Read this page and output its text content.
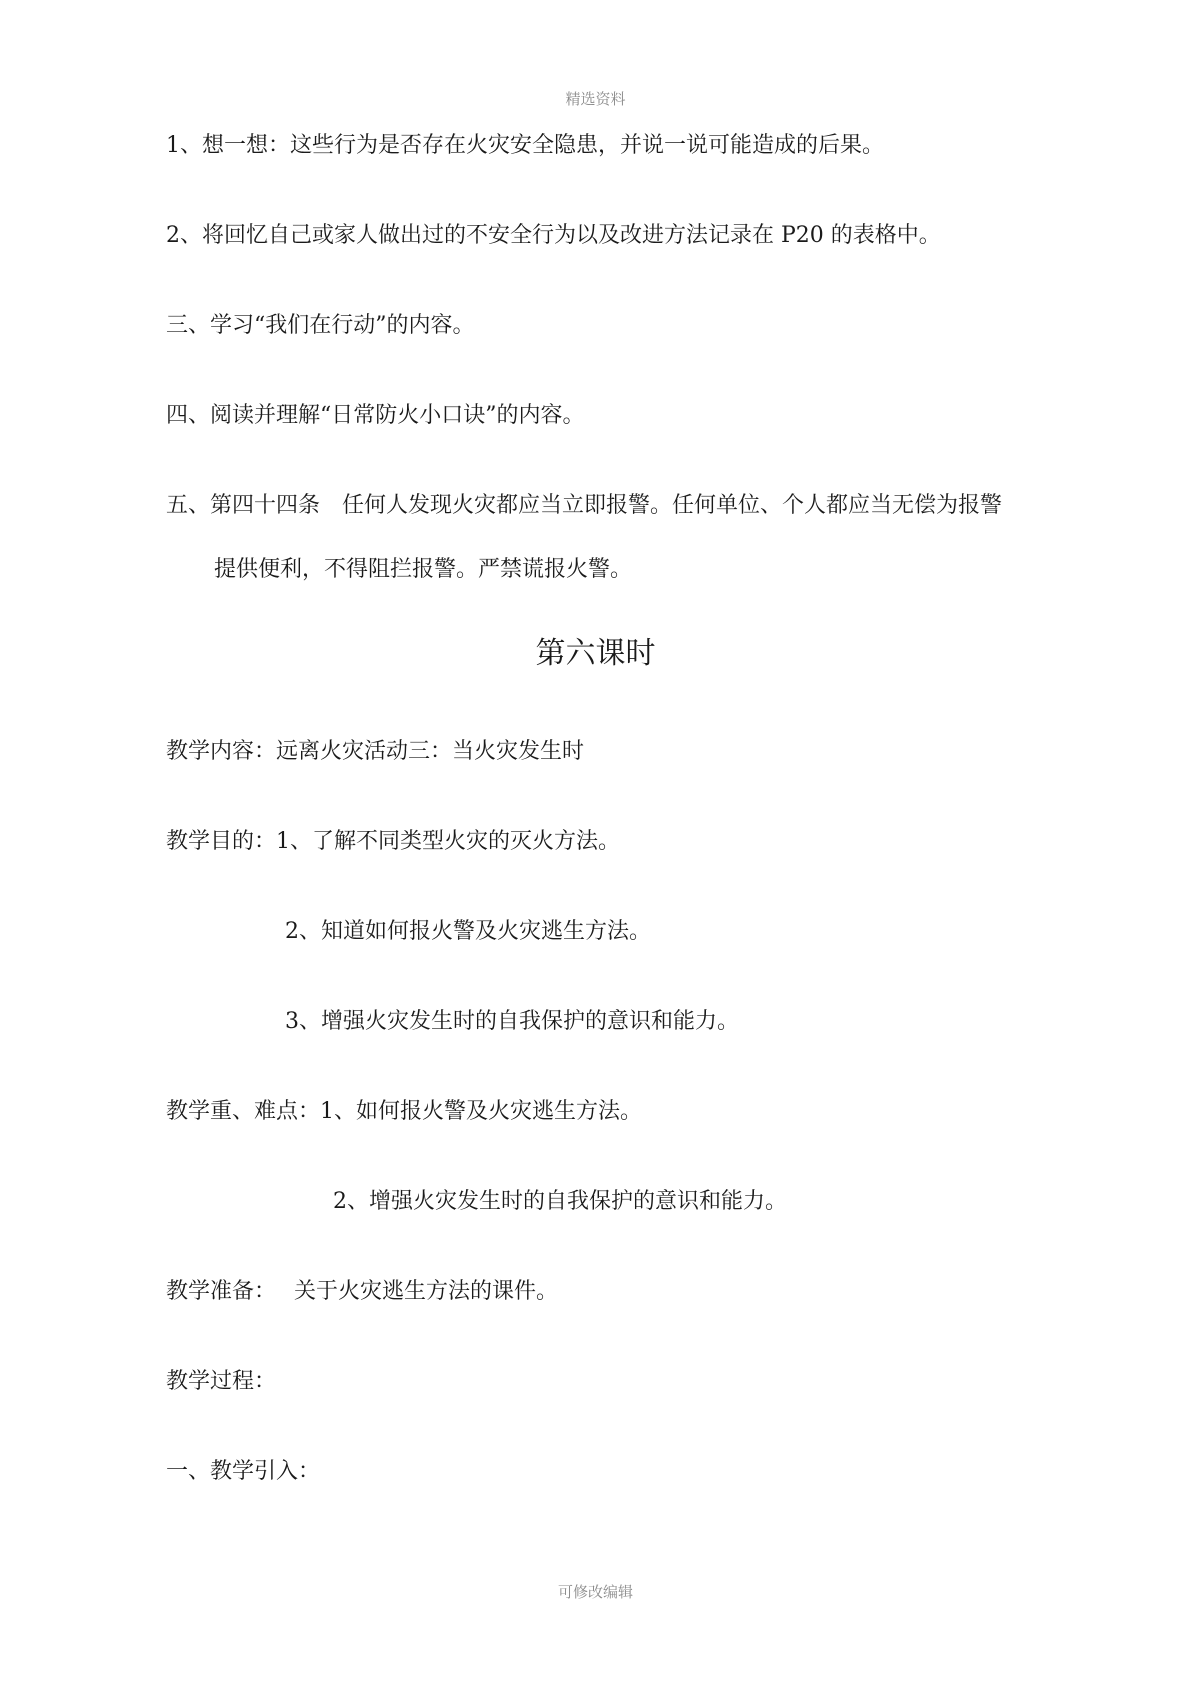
精选资料
1、想一想：这些行为是否存在火灾安全隐患，并说一说可能造成的后果。
2、将回忆自己或家人做出过的不安全行为以及改进方法记录在 P20 的表格中。
三、学习“我们在行动”的内容。
四、阅读并理解“日常防火小口诀”的内容。
五、第四十四条　任何人发现火灾都应当立即报警。任何单位、个人都应当无偿为报警
提供便利，不得阻拦报警。严禁谎报火警。
第六课时
教学内容：远离火灾活动三：当火灾发生时
教学目的：1、了解不同类型火灾的灭火方法。
2、知道如何报火警及火灾逃生方法。
3、增强火灾发生时的自我保护的意识和能力。
教学重、难点：1、如何报火警及火灾逃生方法。
2、增强火灾发生时的自我保护的意识和能力。
教学准备：　 关于火灾逃生方法的课件。
教学过程：
一、教学引入：
可修改编辑
